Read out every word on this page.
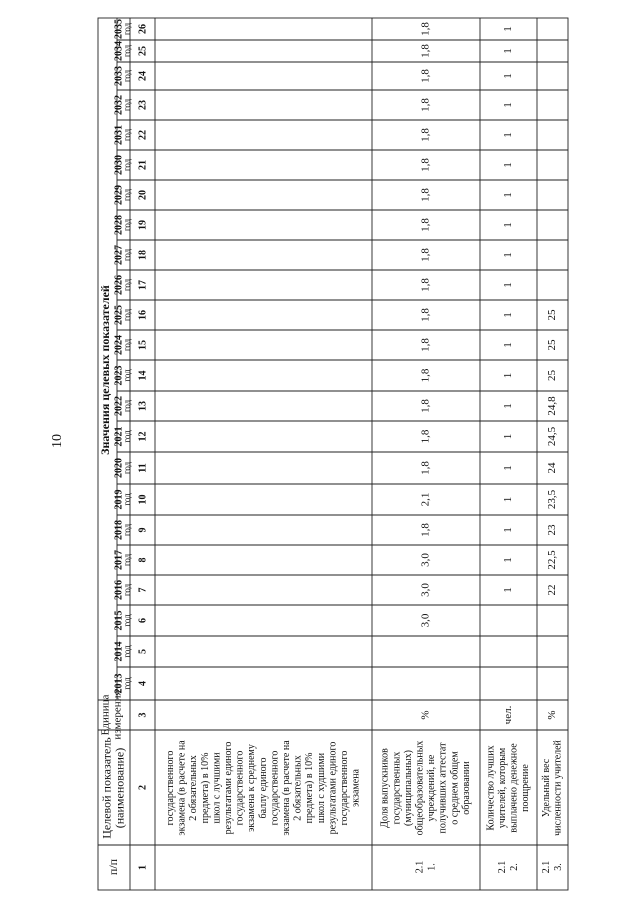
10
п/п
Целевой показатель (наименование)
Единица измерения
Значения целевых показателей
2013
год
2014
год
2015
год
2016
год
2017
год
2018
год
2019
год
2020
год
2021
год
2022
год
2023
год
2024
год
2025
год
2026
год
2027
год
2028
год
2029
год
2030
год
2031
год
2032
год
2033
год
2034
год
2035
год
1
2
3
4
5
6
7
8
9
10
11
12
13
14
15
16
17
18
19
20
21
22
23
24
25
26
государственного экзамена (в расчете на 2 обязательных предмета) в 10% школ с лучшими результатами единого государственного экзамена к среднему баллу единого государственного экзамена (в расчете на 2 обязательных предмета) в 10% школ с худшими результатами единого государственного экзамена
2.1 1.
Доля выпускников государственных (муниципальных) общеобразовательных учреждений, не получивших аттестат о среднем общем образовании
%
3,0
3,0
3,0
1,8
2,1
1,8
1,8
1,8
1,8
1,8
1,8
1,8
1,8
1,8
1,8
1,8
1,8
1,8
1,8
1,8
1,8
2.1 2.
Количество лучших учителей, которым выплачено денежное поощрение
чел.
1
1
1
1
1
1
1
1
1
1
1
1
1
1
1
1
1
1
1
1
2.1 3.
Удельный вес численности учителей
%
22
22,5
23
23,5
24
24,5
24,8
25
25
25
